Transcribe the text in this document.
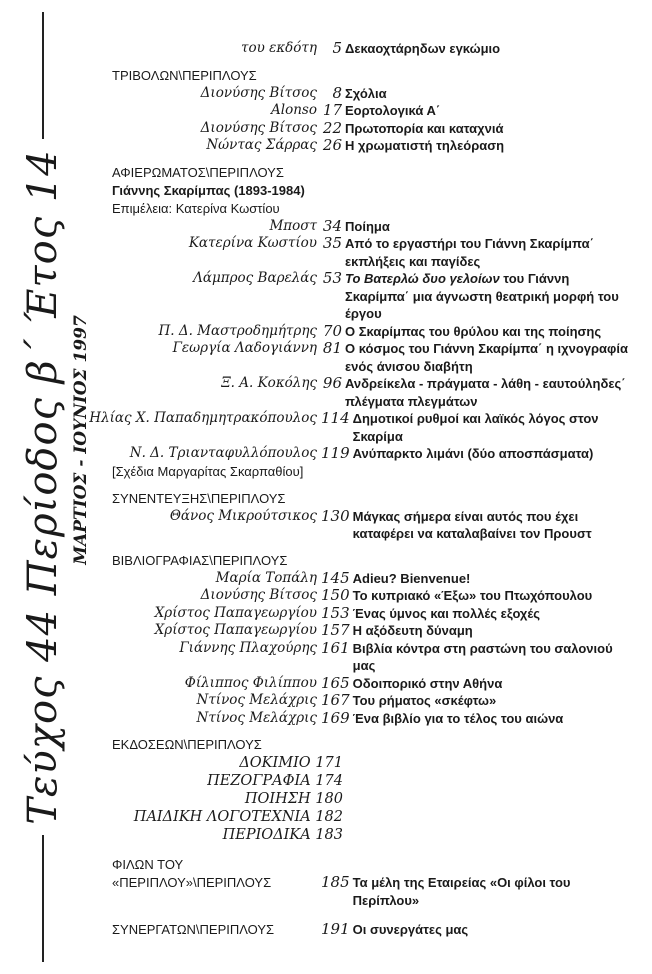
Τεύχος 44 Περίοδος β΄ Έτος 14 ΜΑΡΤΙΟΣ - ΙΟΥΝΙΟΣ 1997
του εκδότη 5 Δεκαοχτάρηδων εγκώμιο
ΤΡΙΒΟΛΩΝ\ΠΕΡΙΠΛΟΥΣ
Διονύσης Βίτσος 8 Σχόλια
Alonso 17 Εορτολογικά Α΄
Διονύσης Βίτσος 22 Πρωτοπορία και καταχνιά
Νώντας Σάρρας 26 Η χρωματιστή τηλεόραση
ΑΦΙΕΡΩΜΑΤΟΣ\ΠΕΡΙΠΛΟΥΣ
Γιάννης Σκαρίμπας (1893-1984)
Επιμέλεια: Κατερίνα Κωστίου
Μποστ 34 Ποίημα
Κατερίνα Κωστίου 35 Από το εργαστήρι του Γιάννη Σκαρίμπα΄ εκπλήξεις και παγίδες
Λάμπρος Βαρελάς 53 Το Βατερλώ δυο γελοίων του Γιάννη Σκαρίμπα΄ μια άγνωστη θεατρική μορφή του έργου
Π. Δ. Μαστροδημήτρης 70 Ο Σκαρίμπας του θρύλου και της ποίησης
Γεωργία Λαδογιάννη 81 Ο κόσμος του Γιάννη Σκαρίμπα΄ η ιχνογραφία ενός άνισου διαβήτη
Ξ. Α. Κοκόλης 96 Ανδρείκελα - πράγματα - λάθη - εαυτούληδες΄ πλέγματα πλεγμάτων
Ηλίας Χ. Παπαδημητρακόπουλος 114 Δημοτικοί ρυθμοί και λαϊκός λόγος στον Σκαρίμα
Ν. Δ. Τριανταφυλλόπουλος 119 Ανύπαρκτο λιμάνι (δύο αποσπάσματα)
[Σχέδια Μαργαρίτας Σκαρπαθίου]
ΣΥΝΕΝΤΕΥΞΗΣ\ΠΕΡΙΠΛΟΥΣ
Θάνος Μικρούτσικος 130 Μάγκας σήμερα είναι αυτός που έχει καταφέρει να καταλαβαίνει τον Προυστ
ΒΙΒΛΙΟΓΡΑΦΙΑΣ\ΠΕΡΙΠΛΟΥΣ
Μαρία Τοπάλη 145 Adieu? Bienvenue!
Διονύσης Βίτσος 150 Το κυπριακό «Έξω» του Πτωχόπουλου
Χρίστος Παπαγεωργίου 153 Ένας ύμνος και πολλές εξοχές
Χρίστος Παπαγεωργίου 157 Η αξόδευτη δύναμη
Γιάννης Πλαχούρης 161 Βιβλία κόντρα στη ραστώνη του σαλονιού μας
Φίλιππος Φιλίππου 165 Οδοιπορικό στην Αθήνα
Ντίνος Μελάχρις 167 Του ρήματος «σκέφτω»
Ντίνος Μελάχρις 169 Ένα βιβλίο για το τέλος του αιώνα
ΕΚΔΟΣΕΩΝ\ΠΕΡΙΠΛΟΥΣ
ΔΟΚΙΜΙΟ 171
ΠΕΖΟΓΡΑΦΙΑ 174
ΠΟΙΗΣΗ 180
ΠΑΙΔΙΚΗ ΛΟΓΟΤΕΧΝΙΑ 182
ΠΕΡΙΟΔΙΚΑ 183
ΦΙΛΩΝ ΤΟΥ
«ΠΕΡΙΠΛΟΥ»\ΠΕΡΙΠΛΟΥΣ	185 Τα μέλη της Εταιρείας «Οι φίλοι του Περίπλου»
ΣΥΝΕΡΓΑΤΩΝ\ΠΕΡΙΠΛΟΥΣ	191 Οι συνεργάτες μας
